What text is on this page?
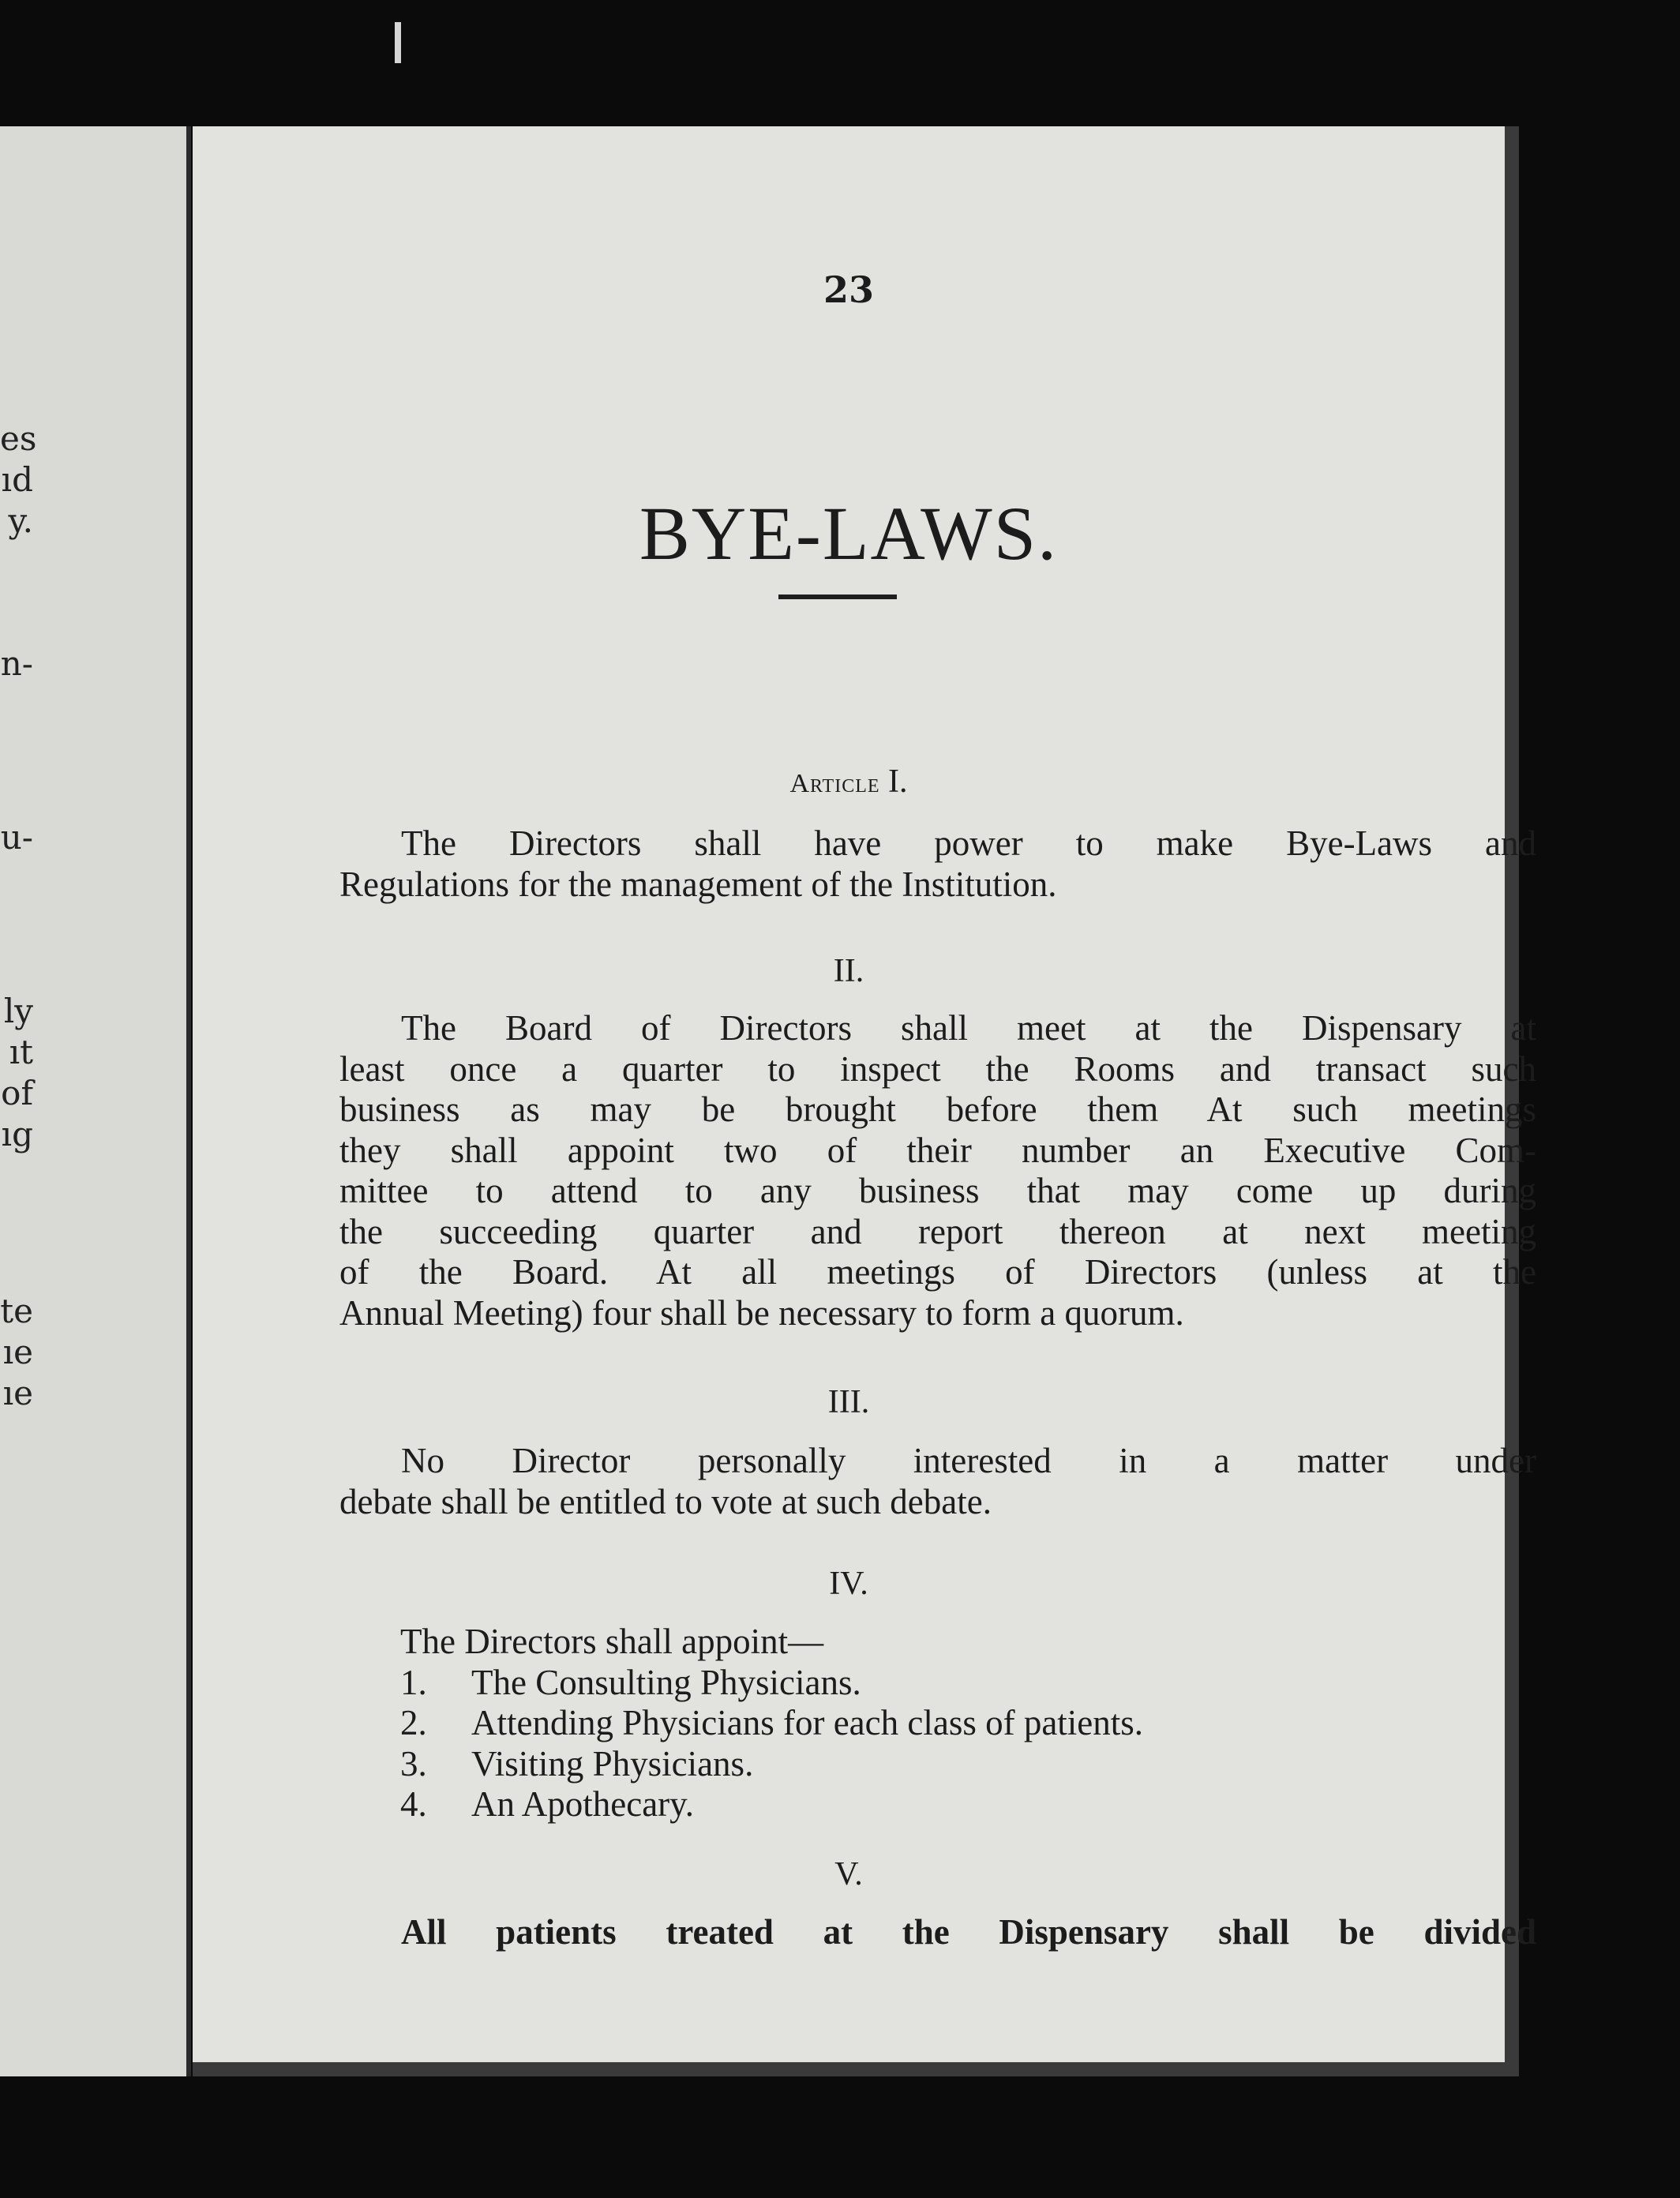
es
ıd
y.
n-
u-
ly
ıt
of
ıg
te
ıe
ıe
23
BYE-LAWS.
Article I.
The Directors shall have power to make Bye-Laws and
Regulations for the management of the Institution.
II.
The Board of Directors shall meet at the Dispensary at
least once a quarter to inspect the Rooms and transact such
business as may be brought before them At such meetings
they shall appoint two of their number an Executive Com-
mittee to attend to any business that may come up during
the succeeding quarter and report thereon at next meeting
of the Board. At all meetings of Directors (unless at the
Annual Meeting) four shall be necessary to form a quorum.
III.
No Director personally interested in a matter under
debate shall be entitled to vote at such debate.
IV.
The Directors shall appoint—
1. The Consulting Physicians.
2. Attending Physicians for each class of patients.
3. Visiting Physicians.
4. An Apothecary.
V.
All patients treated at the Dispensary shall be divided
